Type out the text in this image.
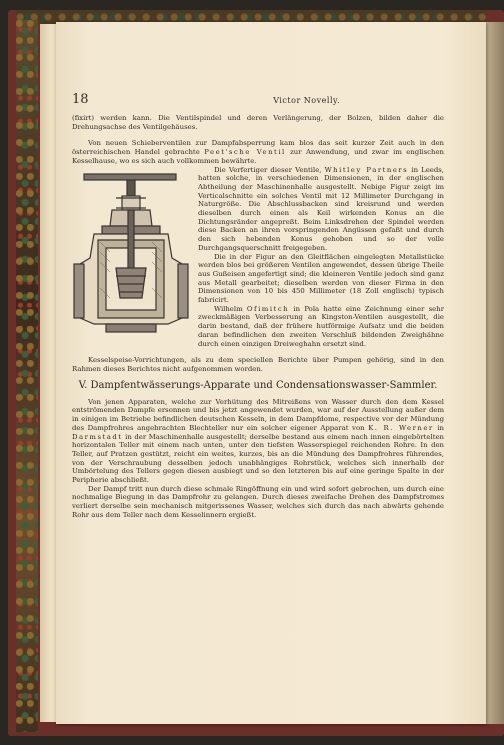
18	Victor Novelly.

(fixirt) werden kann. Die Ventilspindel und deren Verlängerung, der Bolzen, bilden daher die Drehungsachse des Ventilgehäuses.

Von neuen Schieberventilen zur Dampfabsperrung kam blos das seit kurzer Zeit auch in den österreichischen Handel gebrachte Peet'sche Ventil zur Anwendung, und zwar im englischen Kesselhause, wo es sich auch vollkommen bewährte.

Die Verfertiger dieser Ventile, Whitley Partners in Leeds, hatten solche, in verschiedenen Dimensionen, in der englischen Abtheilung der Maschinenhalle ausgestellt. Nebige Figur zeigt im Verticalschnitte ein solches Ventil mit 12 Millimeter Durchgang in Naturgröße. Die Abschlussbacken sind kreisrund und werden dieselben durch einen als Keil wirkenden Konus an die Dichtungsränder angepreßt. Beim Linksdrehen der Spindel werden diese Backen an ihren vorspringenden Angüssen gefaßt und durch den sich hebenden Konus gehoben und so der volle Durchgangsquerschnitt freigegeben.

Die in der Figur an den Gleitflächen eingelegten Metallstücke werden blos bei größeren Ventilen angewendet, dessen übrige Theile aus Gußeisen angefertigt sind; die kleineren Ventile jedoch sind ganz aus Metall gearbeitet; dieselben werden von dieser Firma in den Dimensionen von 10 bis 450 Millimeter (18 Zoll englisch) typisch fabricirt.

Wilhelm Ofimitch in Pola hatte eine Zeichnung einer sehr zweckmäßigen Verbesserung an Kingston-Ventilen ausgestellt, die darin bestand, daß der frühere hutförmige Aufsatz und die beiden daran befindlichen den zweiten Verschluß bildenden Zweighähne durch einen einzigen Dreiweghahn ersetzt sind.

Kesselspeise-Vorrichtungen, als zu dem speciellen Berichte über Pumpen gehörig, sind in den Rahmen dieses Berichtes nicht aufgenommen worden.

V. Dampfentwässerungs-Apparate und Condensationswasser-Sammler.

Von jenen Apparaten, welche zur Verhütung des Mitreißens von Wasser durch den dem Kessel entströmenden Dampfe ersonnen und bis jetzt angewendet wurden, war auf der Ausstellung außer dem in einigen im Betriebe befindlichen deutschen Kesseln, in dem Dampfdome, respective vor der Mündung des Dampfrohres angebrachten Blechteller nur ein solcher eigener Apparat von K. R. Werner in Darmstadt in der Maschinenhalle ausgestellt; derselbe bestand aus einem nach innen eingebörtelten horizontalen Teller mit einem nach unten, unter den tiefsten Wasserspiegel reichenden Rohre. In den Teller, auf Pratzen gestützt, reicht ein weites, kurzes, bis an die Mündung des Dampfrohres führendes, von der Verschraubung desselben jedoch unabhängiges Rohrstück, welches sich innerhalb der Umbörtelung des Tellers gegen diesen ausbiegt und so den letzteren bis auf eine geringe Spalte in der Peripherie abschließt.

Der Dampf tritt nun durch diese schmale Ringöffnung ein und wird sofort gebrochen, um durch eine nochmalige Biegung in das Dampfrohr zu gelangen. Durch dieses zweifache Drehen des Dampfstromes verliert derselbe sein mechanisch mitgerissenes Wasser, welches sich durch das nach abwärts gehende Rohr aus dem Teller nach dem Kesselinnern ergießt.
